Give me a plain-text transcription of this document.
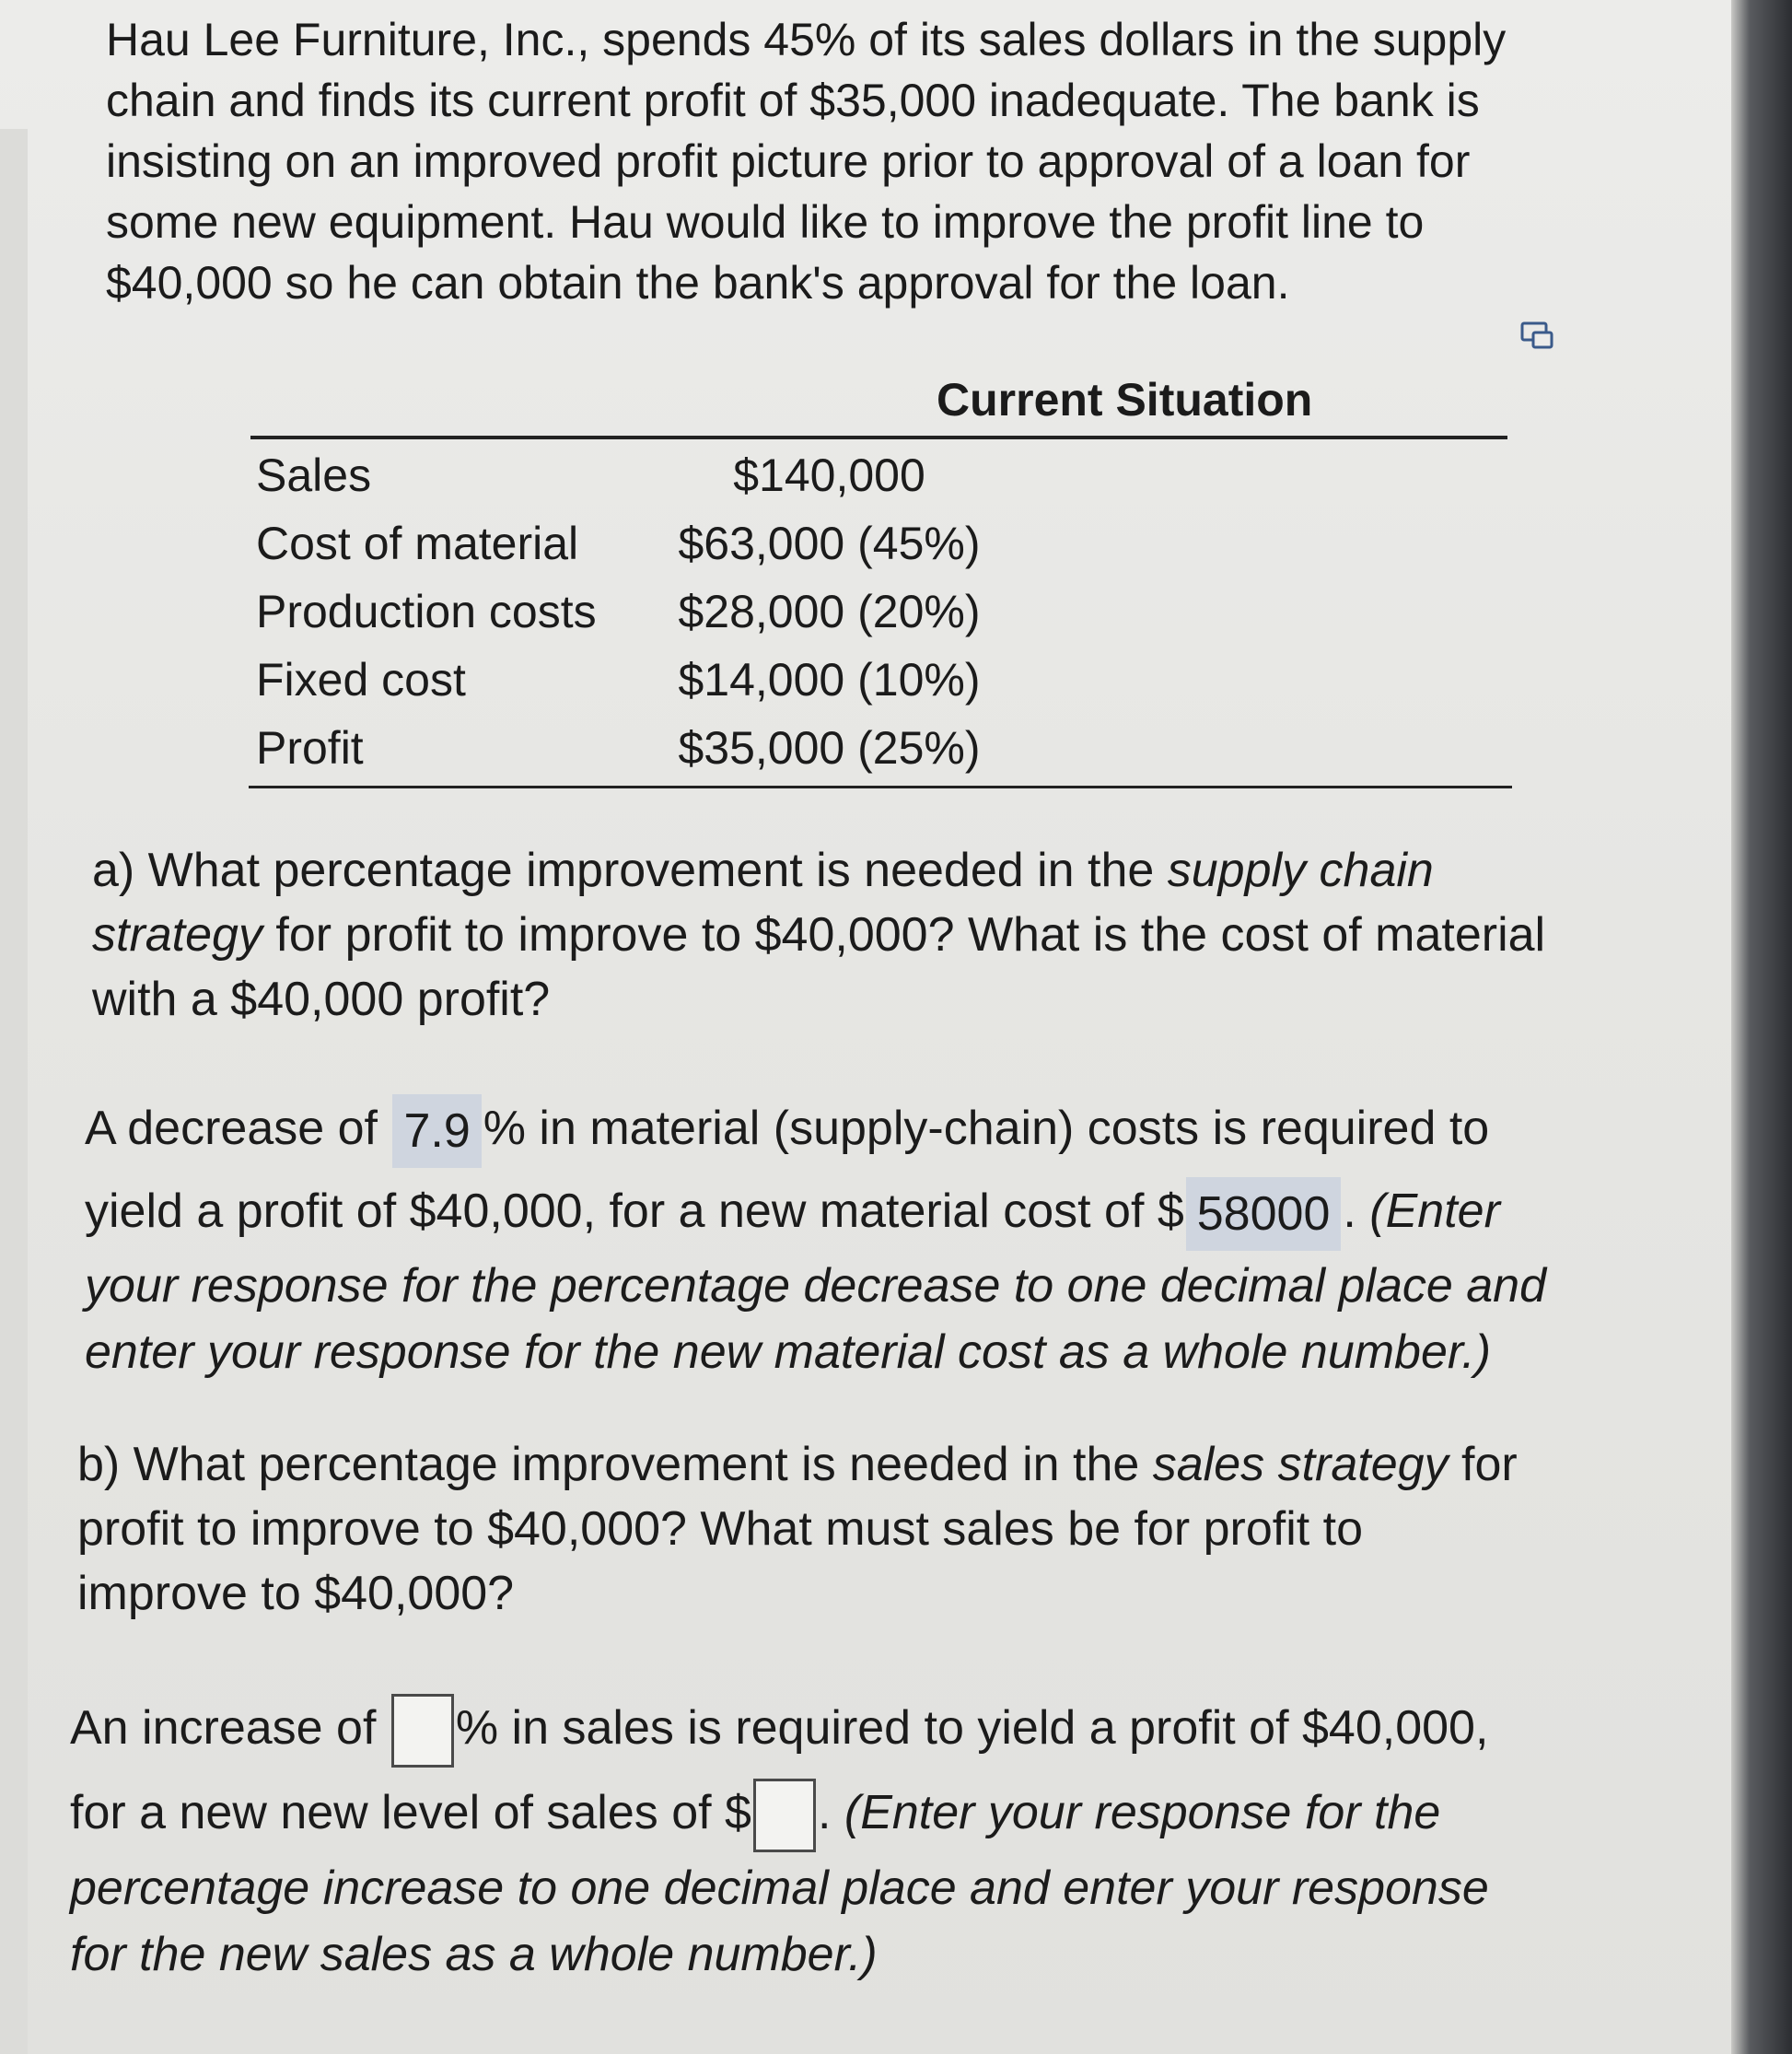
Hau Lee Furniture, Inc., spends 45% of its sales dollars in the supply

chain and finds its current profit of $35,000 inadequate. The bank is

insisting on an improved profit picture prior to approval of a loan for

some new equipment. Hau would like to improve the profit line to

$40,000 so he can obtain the bank's approval for the loan.

Current Situation
Sales	$140,000
Cost of material	$63,000 (45%)
Production costs	$28,000 (20%)
Fixed cost	$14,000 (10%)
Profit	$35,000 (25%)

a) What percentage improvement is needed in the supply chain

strategy for profit to improve to $40,000? What is the cost of material

with a $40,000 profit?

A decrease of 7.9 % in material (supply-chain) costs is required to

yield a profit of $40,000, for a new material cost of $ 58000 . (Enter

your response for the percentage decrease to one decimal place and

enter your response for the new material cost as a whole number.)

b) What percentage improvement is needed in the sales strategy for

profit to improve to $40,000? What must sales be for profit to

improve to $40,000?

An increase of % in sales is required to yield a profit of $40,000,

for a new new level of sales of $ . (Enter your response for the

percentage increase to one decimal place and enter your response

for the new sales as a whole number.)
